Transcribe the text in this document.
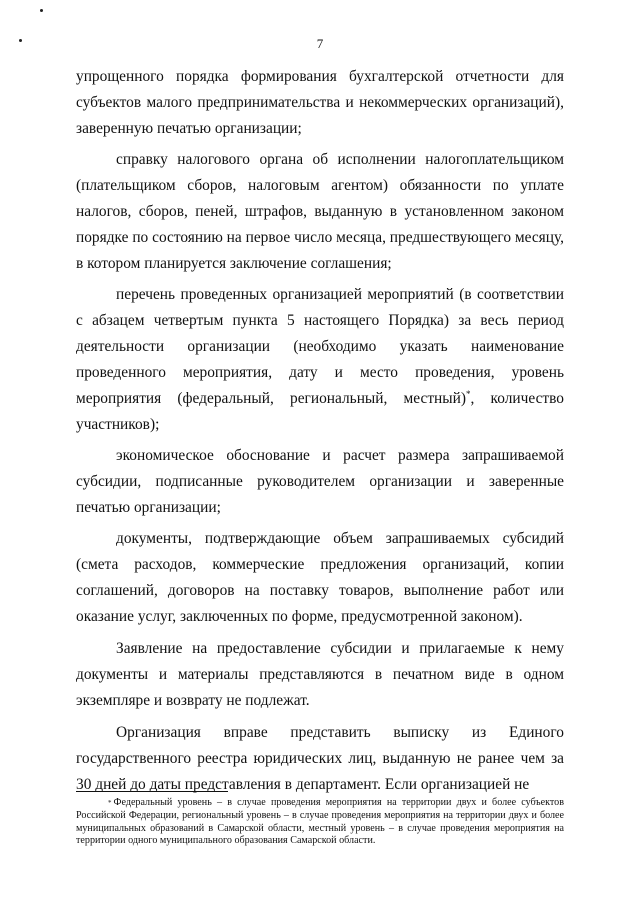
7

упрощенного порядка формирования бухгалтерской отчетности для субъектов малого предпринимательства и некоммерческих организаций), заверенную печатью организации;

справку налогового органа об исполнении налогоплательщиком (плательщиком сборов, налоговым агентом) обязанности по уплате налогов, сборов, пеней, штрафов, выданную в установленном законом порядке по состоянию на первое число месяца, предшествующего месяцу, в котором планируется заключение соглашения;

перечень проведенных организацией мероприятий (в соответствии с абзацем четвертым пункта 5 настоящего Порядка) за весь период деятельности организации (необходимо указать наименование проведенного мероприятия, дату и место проведения, уровень мероприятия (федеральный, региональный, местный)*, количество участников);

экономическое обоснование и расчет размера запрашиваемой субсидии, подписанные руководителем организации и заверенные печатью организации;

документы, подтверждающие объем запрашиваемых субсидий (смета расходов, коммерческие предложения организаций, копии соглашений, договоров на поставку товаров, выполнение работ или оказание услуг, заключенных по форме, предусмотренной законом).

Заявление на предоставление субсидии и прилагаемые к нему документы и материалы представляются в печатном виде в одном экземпляре и возврату не подлежат.

Организация вправе представить выписку из Единого государственного реестра юридических лиц, выданную не ранее чем за 30 дней до даты представления в департамент. Если организацией не

* Федеральный уровень – в случае проведения мероприятия на территории двух и более субъектов Российской Федерации, региональный уровень – в случае проведения мероприятия на территории двух и более муниципальных образований в Самарской области, местный уровень – в случае проведения мероприятия на территории одного муниципального образования Самарской области.
